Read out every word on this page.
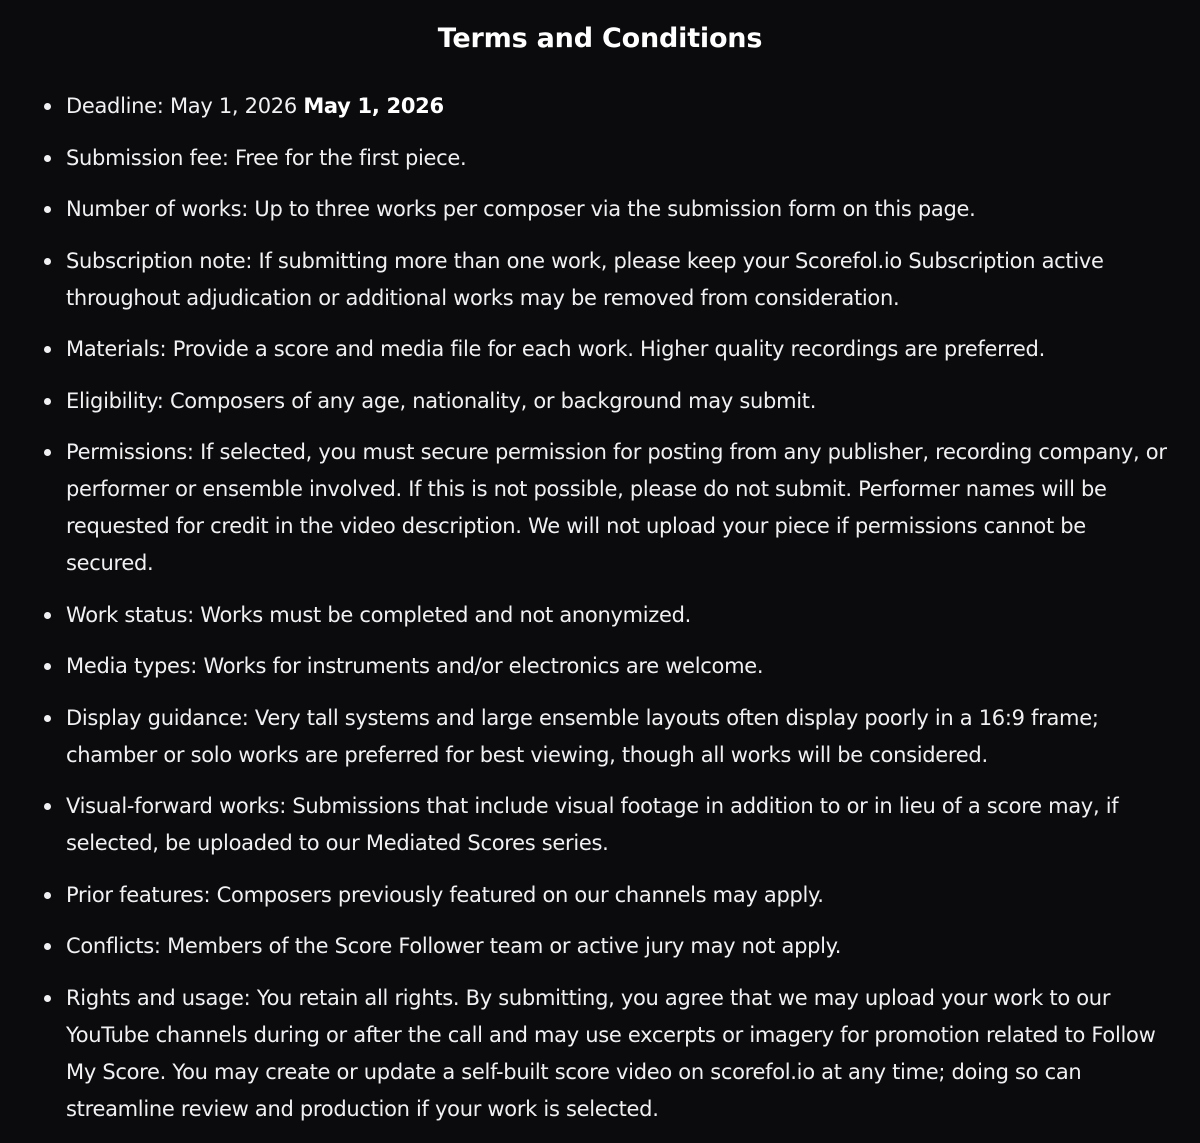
Terms and Conditions
Deadline: May 1, 2026 May 1, 2026
Submission fee: Free for the first piece.
Number of works: Up to three works per composer via the submission form on this page.
Subscription note: If submitting more than one work, please keep your Scorefol.io Subscription active throughout adjudication or additional works may be removed from consideration.
Materials: Provide a score and media file for each work. Higher quality recordings are preferred.
Eligibility: Composers of any age, nationality, or background may submit.
Permissions: If selected, you must secure permission for posting from any publisher, recording company, or performer or ensemble involved. If this is not possible, please do not submit. Performer names will be requested for credit in the video description. We will not upload your piece if permissions cannot be secured.
Work status: Works must be completed and not anonymized.
Media types: Works for instruments and/or electronics are welcome.
Display guidance: Very tall systems and large ensemble layouts often display poorly in a 16:9 frame; chamber or solo works are preferred for best viewing, though all works will be considered.
Visual-forward works: Submissions that include visual footage in addition to or in lieu of a score may, if selected, be uploaded to our Mediated Scores series.
Prior features: Composers previously featured on our channels may apply.
Conflicts: Members of the Score Follower team or active jury may not apply.
Rights and usage: You retain all rights. By submitting, you agree that we may upload your work to our YouTube channels during or after the call and may use excerpts or imagery for promotion related to Follow My Score. You may create or update a self-built score video on scorefol.io at any time; doing so can streamline review and production if your work is selected.
